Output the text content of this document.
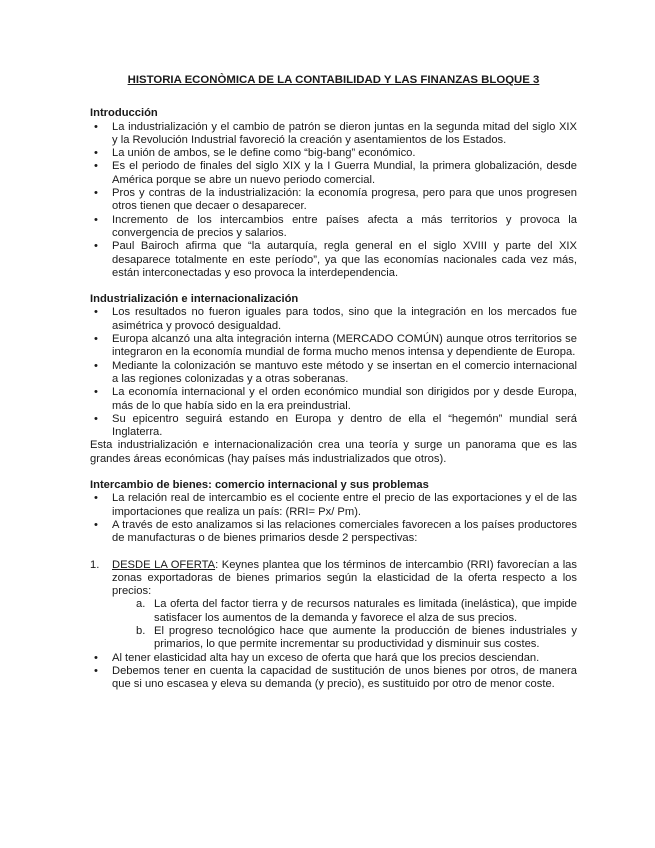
HISTORIA ECONÒMICA DE LA CONTABILIDAD Y LAS FINANZAS BLOQUE 3
Introducción
• La industrialización y el cambio de patrón se dieron juntas en la segunda mitad del siglo XIX y la Revolución Industrial favoreció la creación y asentamientos de los Estados.
• La unión de ambos, se le define como “big-bang” económico.
• Es el periodo de finales del siglo XIX y la I Guerra Mundial, la primera globalización, desde América porque se abre un nuevo periodo comercial.
• Pros y contras de la industrialización: la economía progresa, pero para que unos progresen otros tienen que decaer o desaparecer.
• Incremento de los intercambios entre países afecta a más territorios y provoca la convergencia de precios y salarios.
• Paul Bairoch afirma que “la autarquía, regla general en el siglo XVIII y parte del XIX desaparece totalmente en este período”, ya que las economías nacionales cada vez más, están interconectadas y eso provoca la interdependencia.
Industrialización e internacionalización
• Los resultados no fueron iguales para todos, sino que la integración en los mercados fue asimétrica y provocó desigualdad.
• Europa alcanzó una alta integración interna (MERCADO COMÚN) aunque otros territorios se integraron en la economía mundial de forma mucho menos intensa y dependiente de Europa.
• Mediante la colonización se mantuvo este método y se insertan en el comercio internacional a las regiones colonizadas y a otras soberanas.
• La economía internacional y el orden económico mundial son dirigidos por y desde Europa, más de lo que había sido en la era preindustrial.
• Su epicentro seguirá estando en Europa y dentro de ella el “hegemón” mundial será Inglaterra.

Esta industrialización e internacionalización crea una teoría y surge un panorama que es las grandes áreas económicas (hay países más industrializados que otros).

Intercambio de bienes: comercio internacional y sus problemas
• La relación real de intercambio es el cociente entre el precio de las exportaciones y el de las importaciones que realiza un país: (RRI= Px/ Pm).
• A través de esto analizamos si las relaciones comerciales favorecen a los países productores de manufacturas o de bienes primarios desde 2 perspectivas:
1. DESDE LA OFERTA: Keynes plantea que los términos de intercambio (RRI) favorecían a las zonas exportadoras de bienes primarios según la elasticidad de la oferta respecto a los precios:
a. La oferta del factor tierra y de recursos naturales es limitada (inelástica), que impide satisfacer los aumentos de la demanda y favorece el alza de sus precios.
b. El progreso tecnológico hace que aumente la producción de bienes industriales y primarios, lo que permite incrementar su productividad y disminuir sus costes.
• Al tener elasticidad alta hay un exceso de oferta que hará que los precios desciendan.
• Debemos tener en cuenta la capacidad de sustitución de unos bienes por otros, de manera que si uno escasea y eleva su demanda (y precio), es sustituido por otro de menor coste.
